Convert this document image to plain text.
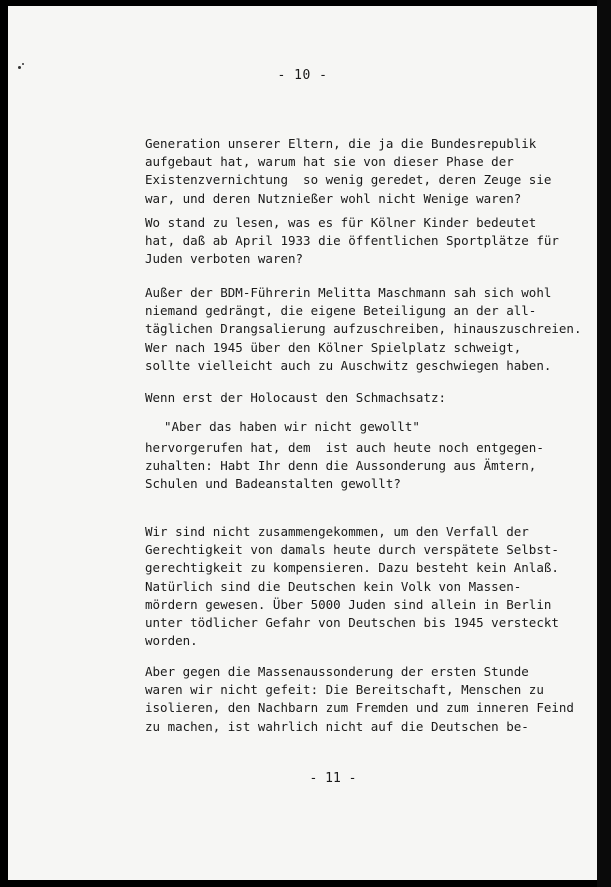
- 10 -

Generation unserer Eltern, die ja die Bundesrepublik
aufgebaut hat, warum hat sie von dieser Phase der
Existenzvernichtung  so wenig geredet, deren Zeuge sie
war, und deren Nutznießer wohl nicht Wenige waren?

Wo stand zu lesen, was es für Kölner Kinder bedeutet
hat, daß ab April 1933 die öffentlichen Sportplätze für
Juden verboten waren?

Außer der BDM-Führerin Melitta Maschmann sah sich wohl
niemand gedrängt, die eigene Beteiligung an der all-
täglichen Drangsalierung aufzuschreiben, hinauszuschreien.
Wer nach 1945 über den Kölner Spielplatz schweigt,
sollte vielleicht auch zu Auschwitz geschwiegen haben.

Wenn erst der Holocaust den Schmachsatz:

"Aber das haben wir nicht gewollt"

hervorgerufen hat, dem  ist auch heute noch entgegen-
zuhalten: Habt Ihr denn die Aussonderung aus Ämtern,
Schulen und Badeanstalten gewollt?

Wir sind nicht zusammengekommen, um den Verfall der
Gerechtigkeit von damals heute durch verspätete Selbst-
gerechtigkeit zu kompensieren. Dazu besteht kein Anlaß.
Natürlich sind die Deutschen kein Volk von Massen-
mördern gewesen. Über 5000 Juden sind allein in Berlin
unter tödlicher Gefahr von Deutschen bis 1945 versteckt
worden.

Aber gegen die Massenaussonderung der ersten Stunde
waren wir nicht gefeit: Die Bereitschaft, Menschen zu
isolieren, den Nachbarn zum Fremden und zum inneren Feind
zu machen, ist wahrlich nicht auf die Deutschen be-

- 11 -
